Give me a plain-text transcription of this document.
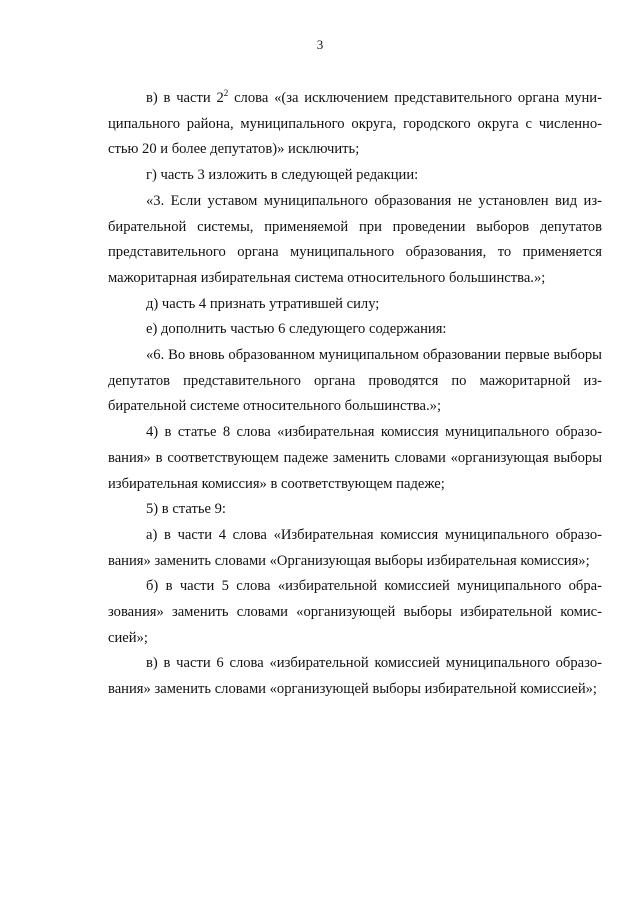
3

в) в части $2^2$ слова «(за исключением представительного органа муниципального района, муниципального округа, городского округа с численностью 20 и более депутатов)» исключить;

г) часть 3 изложить в следующей редакции:

«3. Если уставом муниципального образования не установлен вид избирательной системы, применяемой при проведении выборов депутатов представительного органа муниципального образования, то применяется мажоритарная избирательная система относительного большинства.»;

д) часть 4 признать утратившей силу;

е) дополнить частью 6 следующего содержания:

«6. Во вновь образованном муниципальном образовании первые выборы депутатов представительного органа проводятся по мажоритарной избирательной системе относительного большинства.»;

4) в статье 8 слова «избирательная комиссия муниципального образования» в соответствующем падеже заменить словами «организующая выборы избирательная комиссия» в соответствующем падеже;

5) в статье 9:

а) в части 4 слова «Избирательная комиссия муниципального образования» заменить словами «Организующая выборы избирательная комиссия»;

б) в части 5 слова «избирательной комиссией муниципального образования» заменить словами «организующей выборы избирательной комиссией»;

в) в части 6 слова «избирательной комиссией муниципального образования» заменить словами «организующей выборы избирательной комиссией»;
